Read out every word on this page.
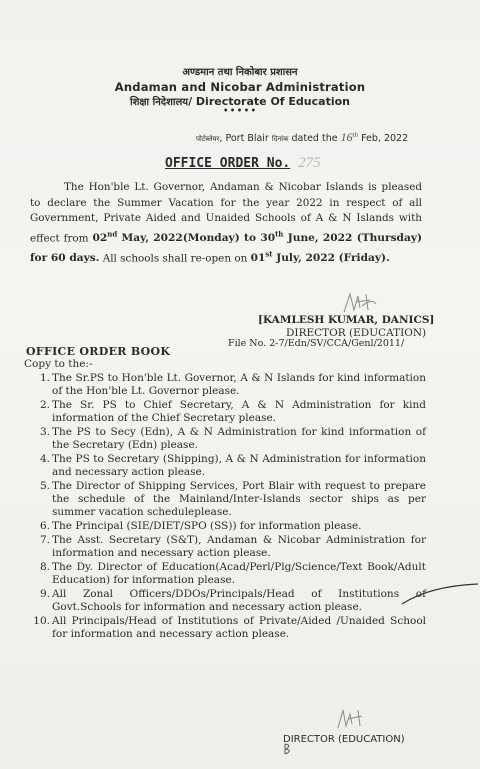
अण्डमान तथा निकोबार प्रशासन
Andaman and Nicobar Administration
शिक्षा निदेशालय/ Directorate Of Education
•••••
पोर्टब्लेयर, Port Blair दिनांक dated the 16th Feb, 2022
OFFICE ORDER No. 275
The Hon'ble Lt. Governor, Andaman & Nicobar Islands is pleased to declare the Summer Vacation for the year 2022 in respect of all Government, Private Aided and Unaided Schools of A & N Islands with effect from 02nd May, 2022(Monday) to 30th June, 2022 (Thursday) for 60 days. All schools shall re-open on 01st July, 2022 (Friday).
[KAMLESH KUMAR, DANICS]
DIRECTOR (EDUCATION)
File No. 2-7/Edn/SV/CCA/Genl/2011/
OFFICE ORDER BOOK
Copy to the:-
1. The Sr.PS to Hon'ble Lt. Governor, A & N Islands for kind information of the Hon'ble Lt. Governor please.
2. The Sr. PS to Chief Secretary, A & N Administration for kind information of the Chief Secretary please.
3. The PS to Secy (Edn), A & N Administration for kind information of the Secretary (Edn) please.
4. The PS to Secretary (Shipping), A & N Administration for information and necessary action please.
5. The Director of Shipping Services, Port Blair with request to prepare the schedule of the Mainland/Inter-Islands sector ships as per summer vacation scheduleplease.
6. The Principal (SIE/DIET/SPO (SS)) for information please.
7. The Asst. Secretary (S&T), Andaman & Nicobar Administration for information and necessary action please.
8. The Dy. Director of Education(Acad/Perl/Plg/Science/Text Book/Adult Education) for information please.
9. All Zonal Officers/DDOs/Principals/Head of Institutions of Govt.Schools for information and necessary action please.
10. All Principals/Head of Institutions of Private/Aided /Unaided School for information and necessary action please.
DIRECTOR (EDUCATION)
